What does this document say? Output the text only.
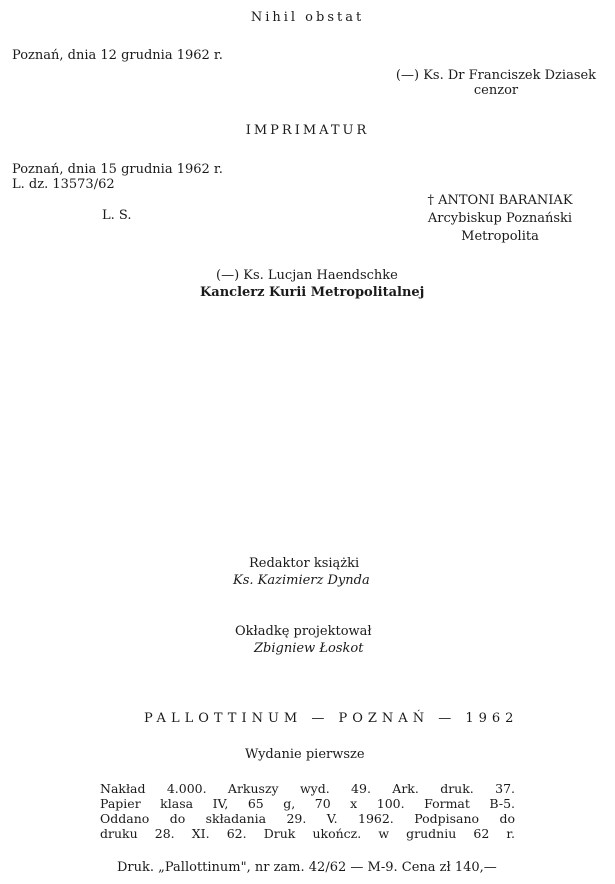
Nihil obstat
Poznań, dnia 12 grudnia 1962 r.
(—) Ks. Dr Franciszek Dziasek
cenzor
IMPRIMATUR
Poznań, dnia 15 grudnia 1962 r.
L. dz. 13573/62
L. S.
† ANTONI BARANIAK
Arcybiskup Poznański
Metropolita
(—) Ks. Lucjan Haendschke
Kanclerz Kurii Metropolitalnej
Redaktor książki
Ks. Kazimierz Dynda
Okładkę projektował
Zbigniew Łoskot
PALLOTTINUM — POZNAŃ — 1962
Wydanie pierwsze
Nakład 4.000. Arkuszy wyd. 49. Ark. druk. 37.
Papier klasa IV, 65 g, 70 x 100. Format B-5.
Oddano do składania 29. V. 1962. Podpisano do
druku 28. XI. 62. Druk ukończ. w grudniu 62 r.
Druk. „Pallottinum", nr zam. 42/62 — M-9. Cena zł 140,—
